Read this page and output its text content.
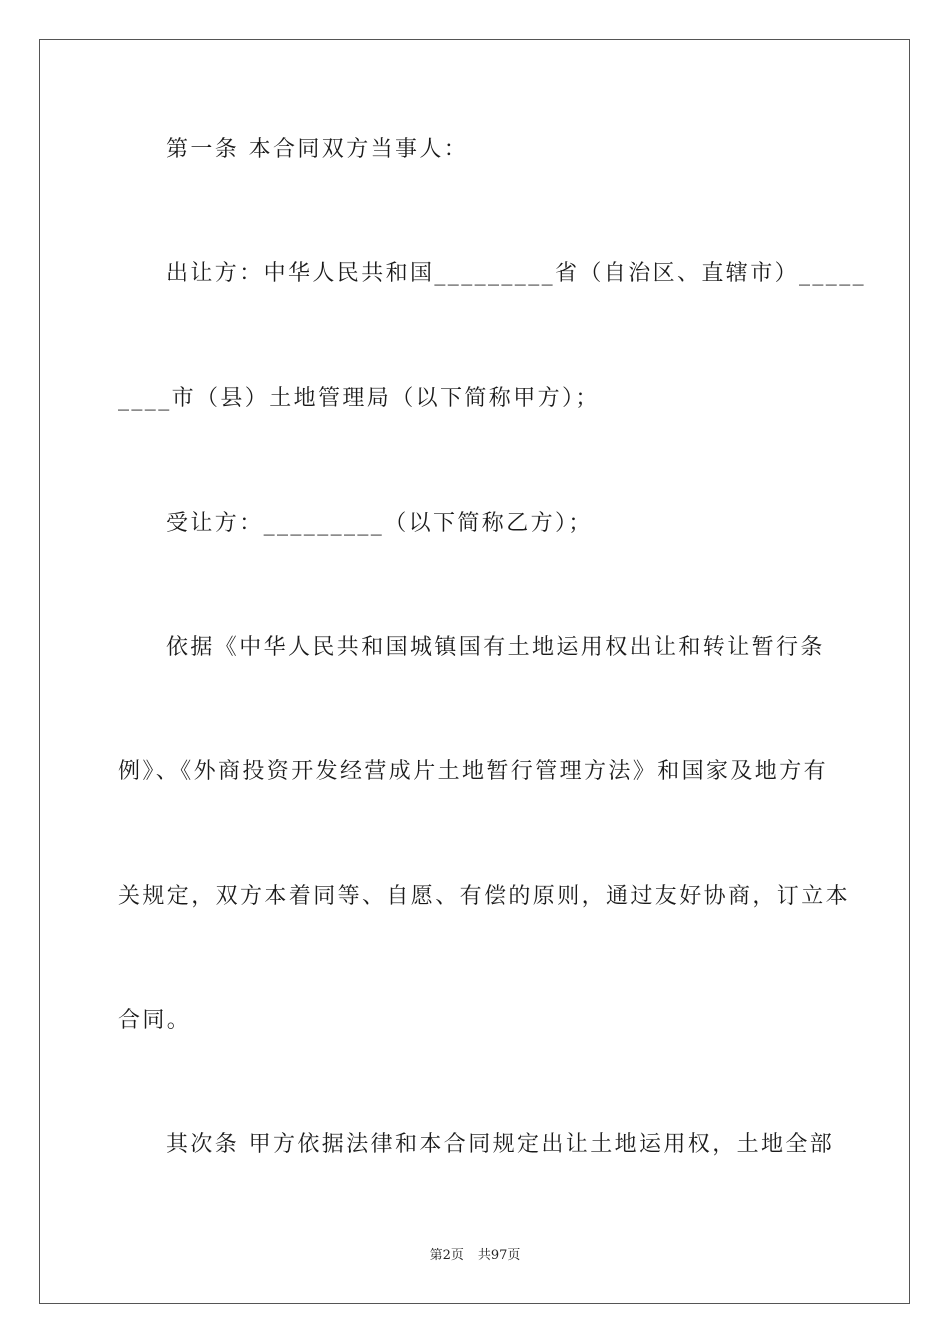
第一条 本合同双方当事人：
出让方：中华人民共和国_________省（自治区、直辖市）_____
____市（县）土地管理局（以下简称甲方）；
受让方：_________（以下简称乙方）；
依据《中华人民共和国城镇国有土地运用权出让和转让暂行条
例》、《外商投资开发经营成片土地暂行管理方法》和国家及地方有
关规定，双方本着同等、自愿、有偿的原则，通过友好协商，订立本
合同。
其次条 甲方依据法律和本合同规定出让土地运用权，土地全部
第2页 共97页
